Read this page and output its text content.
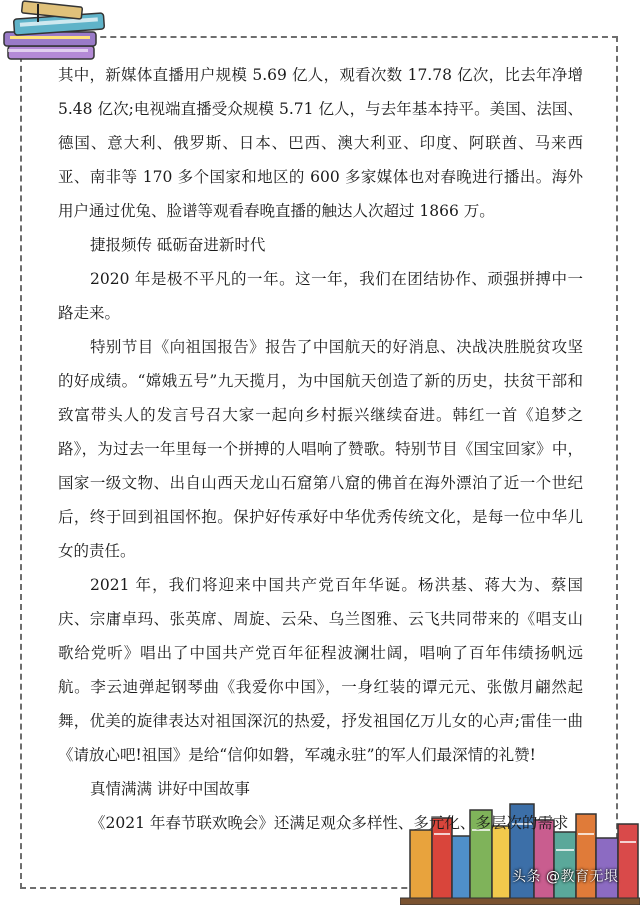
其中，新媒体直播用户规模 5.69 亿人，观看次数 17.78 亿次，比去年净增 5.48 亿次;电视端直播受众规模 5.71 亿人，与去年基本持平。美国、法国、德国、意大利、俄罗斯、日本、巴西、澳大利亚、印度、阿联酋、马来西亚、南非等 170 多个国家和地区的 600 多家媒体也对春晚进行播出。海外用户通过优兔、脸谱等观看春晚直播的触达人次超过 1866 万。

捷报频传 砥砺奋进新时代

2020 年是极不平凡的一年。这一年，我们在团结协作、顽强拼搏中一路走来。

特别节目《向祖国报告》报告了中国航天的好消息、决战决胜脱贫攻坚的好成绩。“嫦娥五号”九天揽月，为中国航天创造了新的历史，扶贫干部和致富带头人的发言号召大家一起向乡村振兴继续奋进。韩红一首《追梦之路》，为过去一年里每一个拼搏的人唱响了赞歌。特别节目《国宝回家》中，国家一级文物、出自山西天龙山石窟第八窟的佛首在海外漂泊了近一个世纪后，终于回到祖国怀抱。保护好传承好中华优秀传统文化，是每一位中华儿女的责任。

2021 年，我们将迎来中国共产党百年华诞。杨洪基、蒋大为、蔡国庆、宗庸卓玛、张英席、周旋、云朵、乌兰图雅、云飞共同带来的《唱支山歌给党听》唱出了中国共产党百年征程波澜壮阔，唱响了百年伟绩扬帆远航。李云迪弹起钢琴曲《我爱你中国》，一身红装的谭元元、张傲月翩然起舞，优美的旋律表达对祖国深沉的热爱，抒发祖国亿万儿女的心声;雷佳一曲《请放心吧!祖国》是给“信仰如磐，军魂永驻”的军人们最深情的礼赞!

真情满满 讲好中国故事

《2021 年春节联欢晚会》还满足观众多样性、多元化、多层次的需求

头条 @教育无垠
